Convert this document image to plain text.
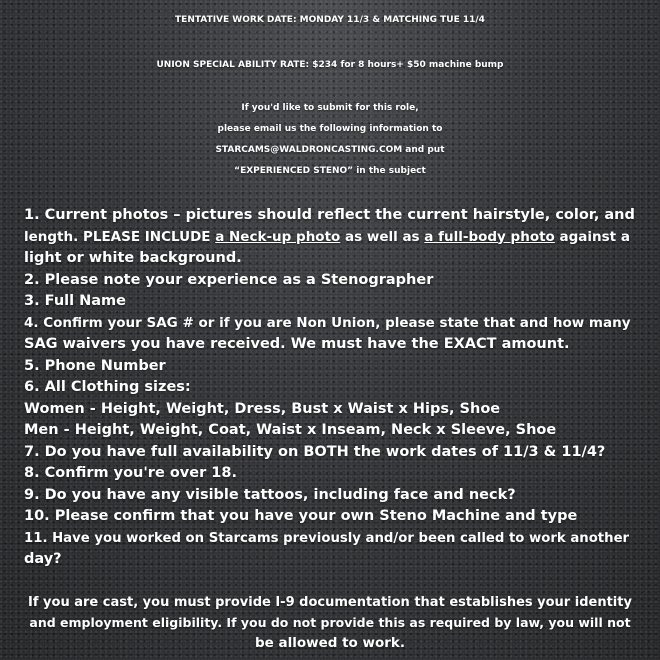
TENTATIVE WORK DATE: MONDAY 11/3 & MATCHING TUE 11/4
UNION SPECIAL ABILITY RATE: $234 for 8 hours+ $50 machine bump
If you'd like to submit for this role,
please email us the following information to
STARCAMS@WALDRONCASTING.COM and put
“EXPERIENCED STENO” in the subject
1. Current photos – pictures should reflect the current hairstyle, color, and
length. PLEASE INCLUDE a Neck-up photo as well as a full-body photo against a
light or white background.
2. Please note your experience as a Stenographer
3. Full Name
4. Confirm your SAG # or if you are Non Union, please state that and how many
SAG waivers you have received. We must have the EXACT amount.
5. Phone Number
6. All Clothing sizes:
Women - Height, Weight, Dress, Bust x Waist x Hips, Shoe
Men - Height, Weight, Coat, Waist x Inseam, Neck x Sleeve, Shoe
7. Do you have full availability on BOTH the work dates of 11/3 & 11/4?
8. Confirm you're over 18.
9. Do you have any visible tattoos, including face and neck?
10. Please confirm that you have your own Steno Machine and type
11. Have you worked on Starcams previously and/or been called to work another
day?
If you are cast, you must provide I-9 documentation that establishes your identity
and employment eligibility. If you do not provide this as required by law, you will not
be allowed to work.
